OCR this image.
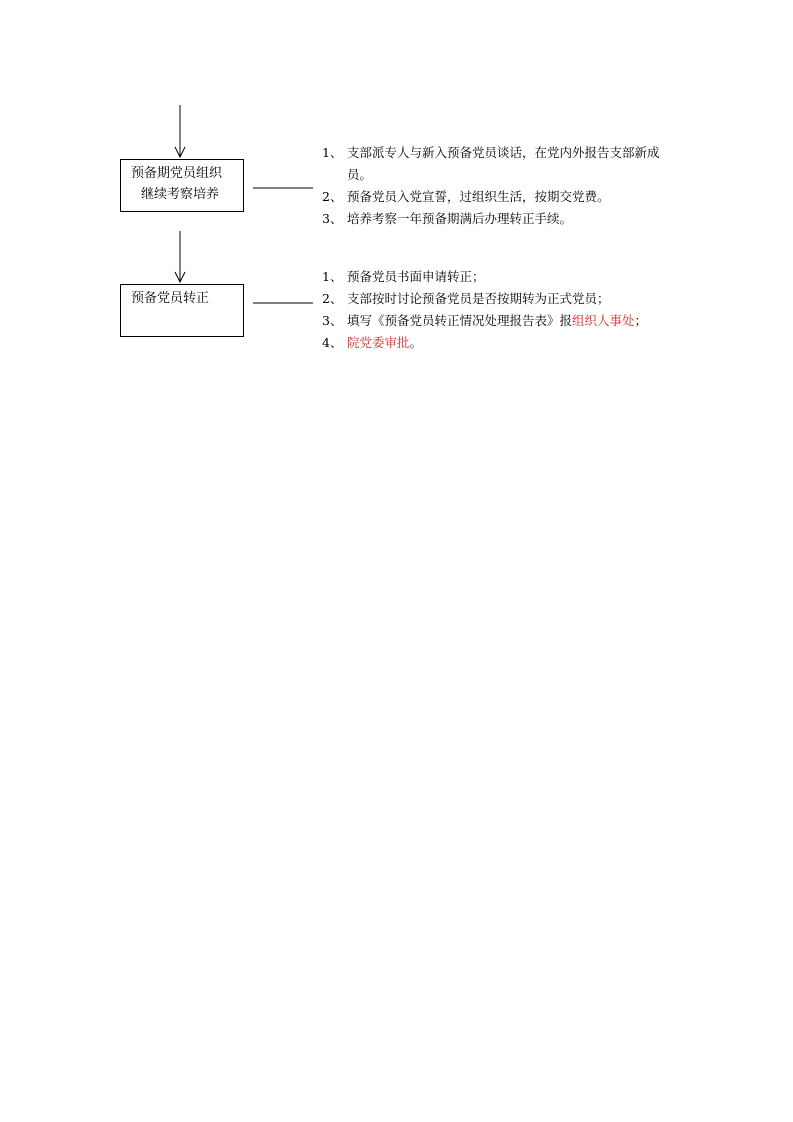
预备期党员组织
继续考察培养
1、 支部派专人与新入预备党员谈话，在党内外报告支部新成员。
2、 预备党员入党宣誓，过组织生活，按期交党费。
3、 培养考察一年预备期满后办理转正手续。
预备党员转正
1、 预备党员书面申请转正；
2、 支部按时讨论预备党员是否按期转为正式党员；
3、 填写《预备党员转正情况处理报告表》报组织人事处；
4、 院党委审批。
